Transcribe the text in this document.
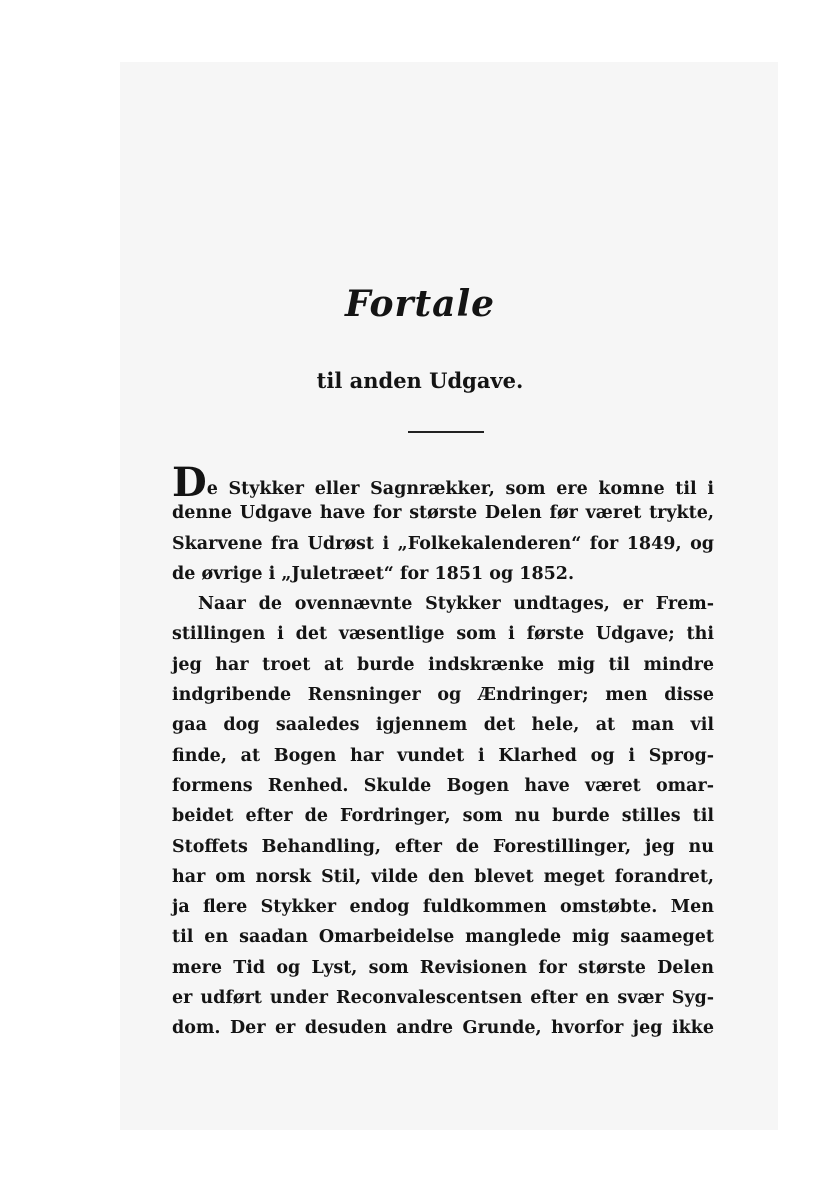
Fortale
til anden Udgave.
De Stykker eller Sagnrækker, som ere komne til i
denne Udgave have for største Delen før været trykte,
Skarvene fra Udrøst i „Folkekalenderen“ for 1849, og
de øvrige i „Juletræet“ for 1851 og 1852.
Naar de ovennævnte Stykker undtages, er Frem-
stillingen i det væsentlige som i første Udgave; thi
jeg har troet at burde indskrænke mig til mindre
indgribende Rensninger og Ændringer; men disse
gaa dog saaledes igjennem det hele, at man vil
finde, at Bogen har vundet i Klarhed og i Sprog-
formens Renhed. Skulde Bogen have været omar-
beidet efter de Fordringer, som nu burde stilles til
Stoffets Behandling, efter de Forestillinger, jeg nu
har om norsk Stil, vilde den blevet meget forandret,
ja flere Stykker endog fuldkommen omstøbte. Men
til en saadan Omarbeidelse manglede mig saameget
mere Tid og Lyst, som Revisionen for største Delen
er udført under Reconvalescentsen efter en svær Syg-
dom. Der er desuden andre Grunde, hvorfor jeg ikke
